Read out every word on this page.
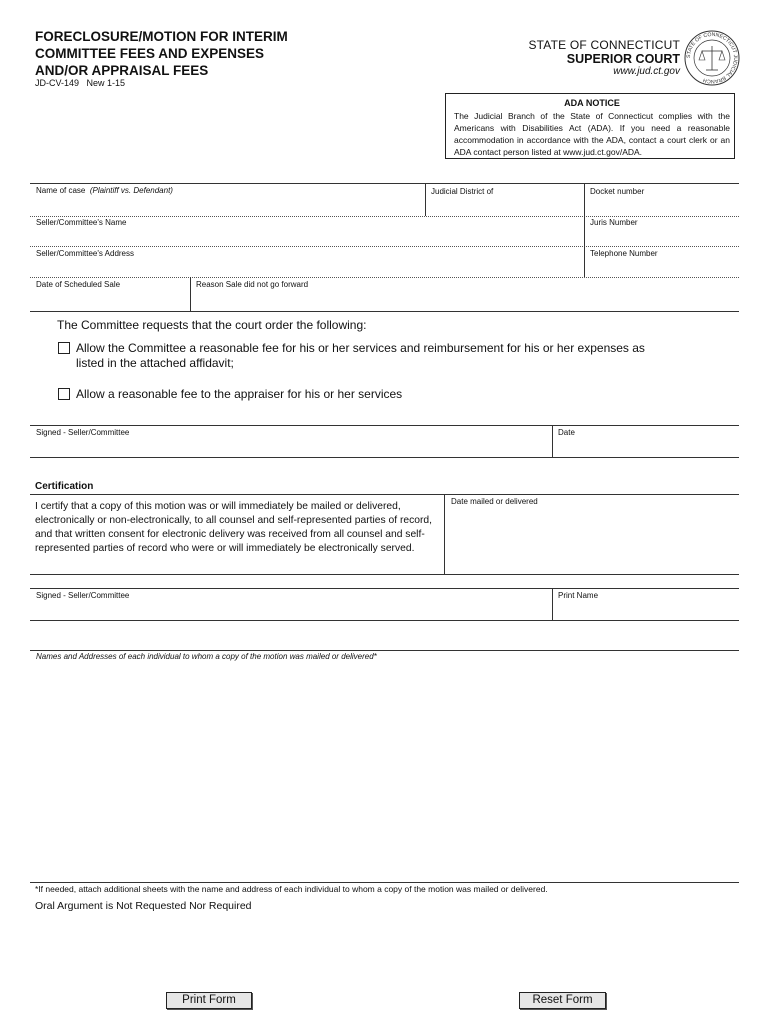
FORECLOSURE/MOTION FOR INTERIM
COMMITTEE FEES AND EXPENSES
AND/OR APPRAISAL FEES
JD-CV-149   New 1-15
STATE OF CONNECTICUT
SUPERIOR COURT
www.jud.ct.gov
STATE OF CONNECTICUT JUDICIAL BRANCH
ADA NOTICE
The Judicial Branch of the State of Connecticut complies with the Americans with Disabilities Act (ADA). If you need a reasonable accommodation in accordance with the ADA, contact a court clerk or an ADA contact person listed at www.jud.ct.gov/ADA.
Name of case (Plaintiff vs. Defendant)	Judicial District of	Docket number
Seller/Committee's Name	Juris Number
Seller/Committee's Address	Telephone Number
Date of Scheduled Sale	Reason Sale did not go forward
The Committee requests that the court order the following:
Allow the Committee a reasonable fee for his or her services and reimbursement for his or her expenses as
listed in the attached affidavit;
Allow a reasonable fee to the appraiser for his or her services
Signed - Seller/Committee	Date
Certification
I certify that a copy of this motion was or will immediately be mailed or delivered, electronically or non-electronically, to all counsel and self-represented parties of record, and that written consent for electronic delivery was received from all counsel and self-represented parties of record who were or will immediately be electronically served.
Date mailed or delivered
Signed - Seller/Committee	Print Name
Names and Addresses of each individual to whom a copy of the motion was mailed or delivered*
*If needed, attach additional sheets with the name and address of each individual to whom a copy of the motion was mailed or delivered.
Oral Argument is Not Requested Nor Required
Print Form	Reset Form
